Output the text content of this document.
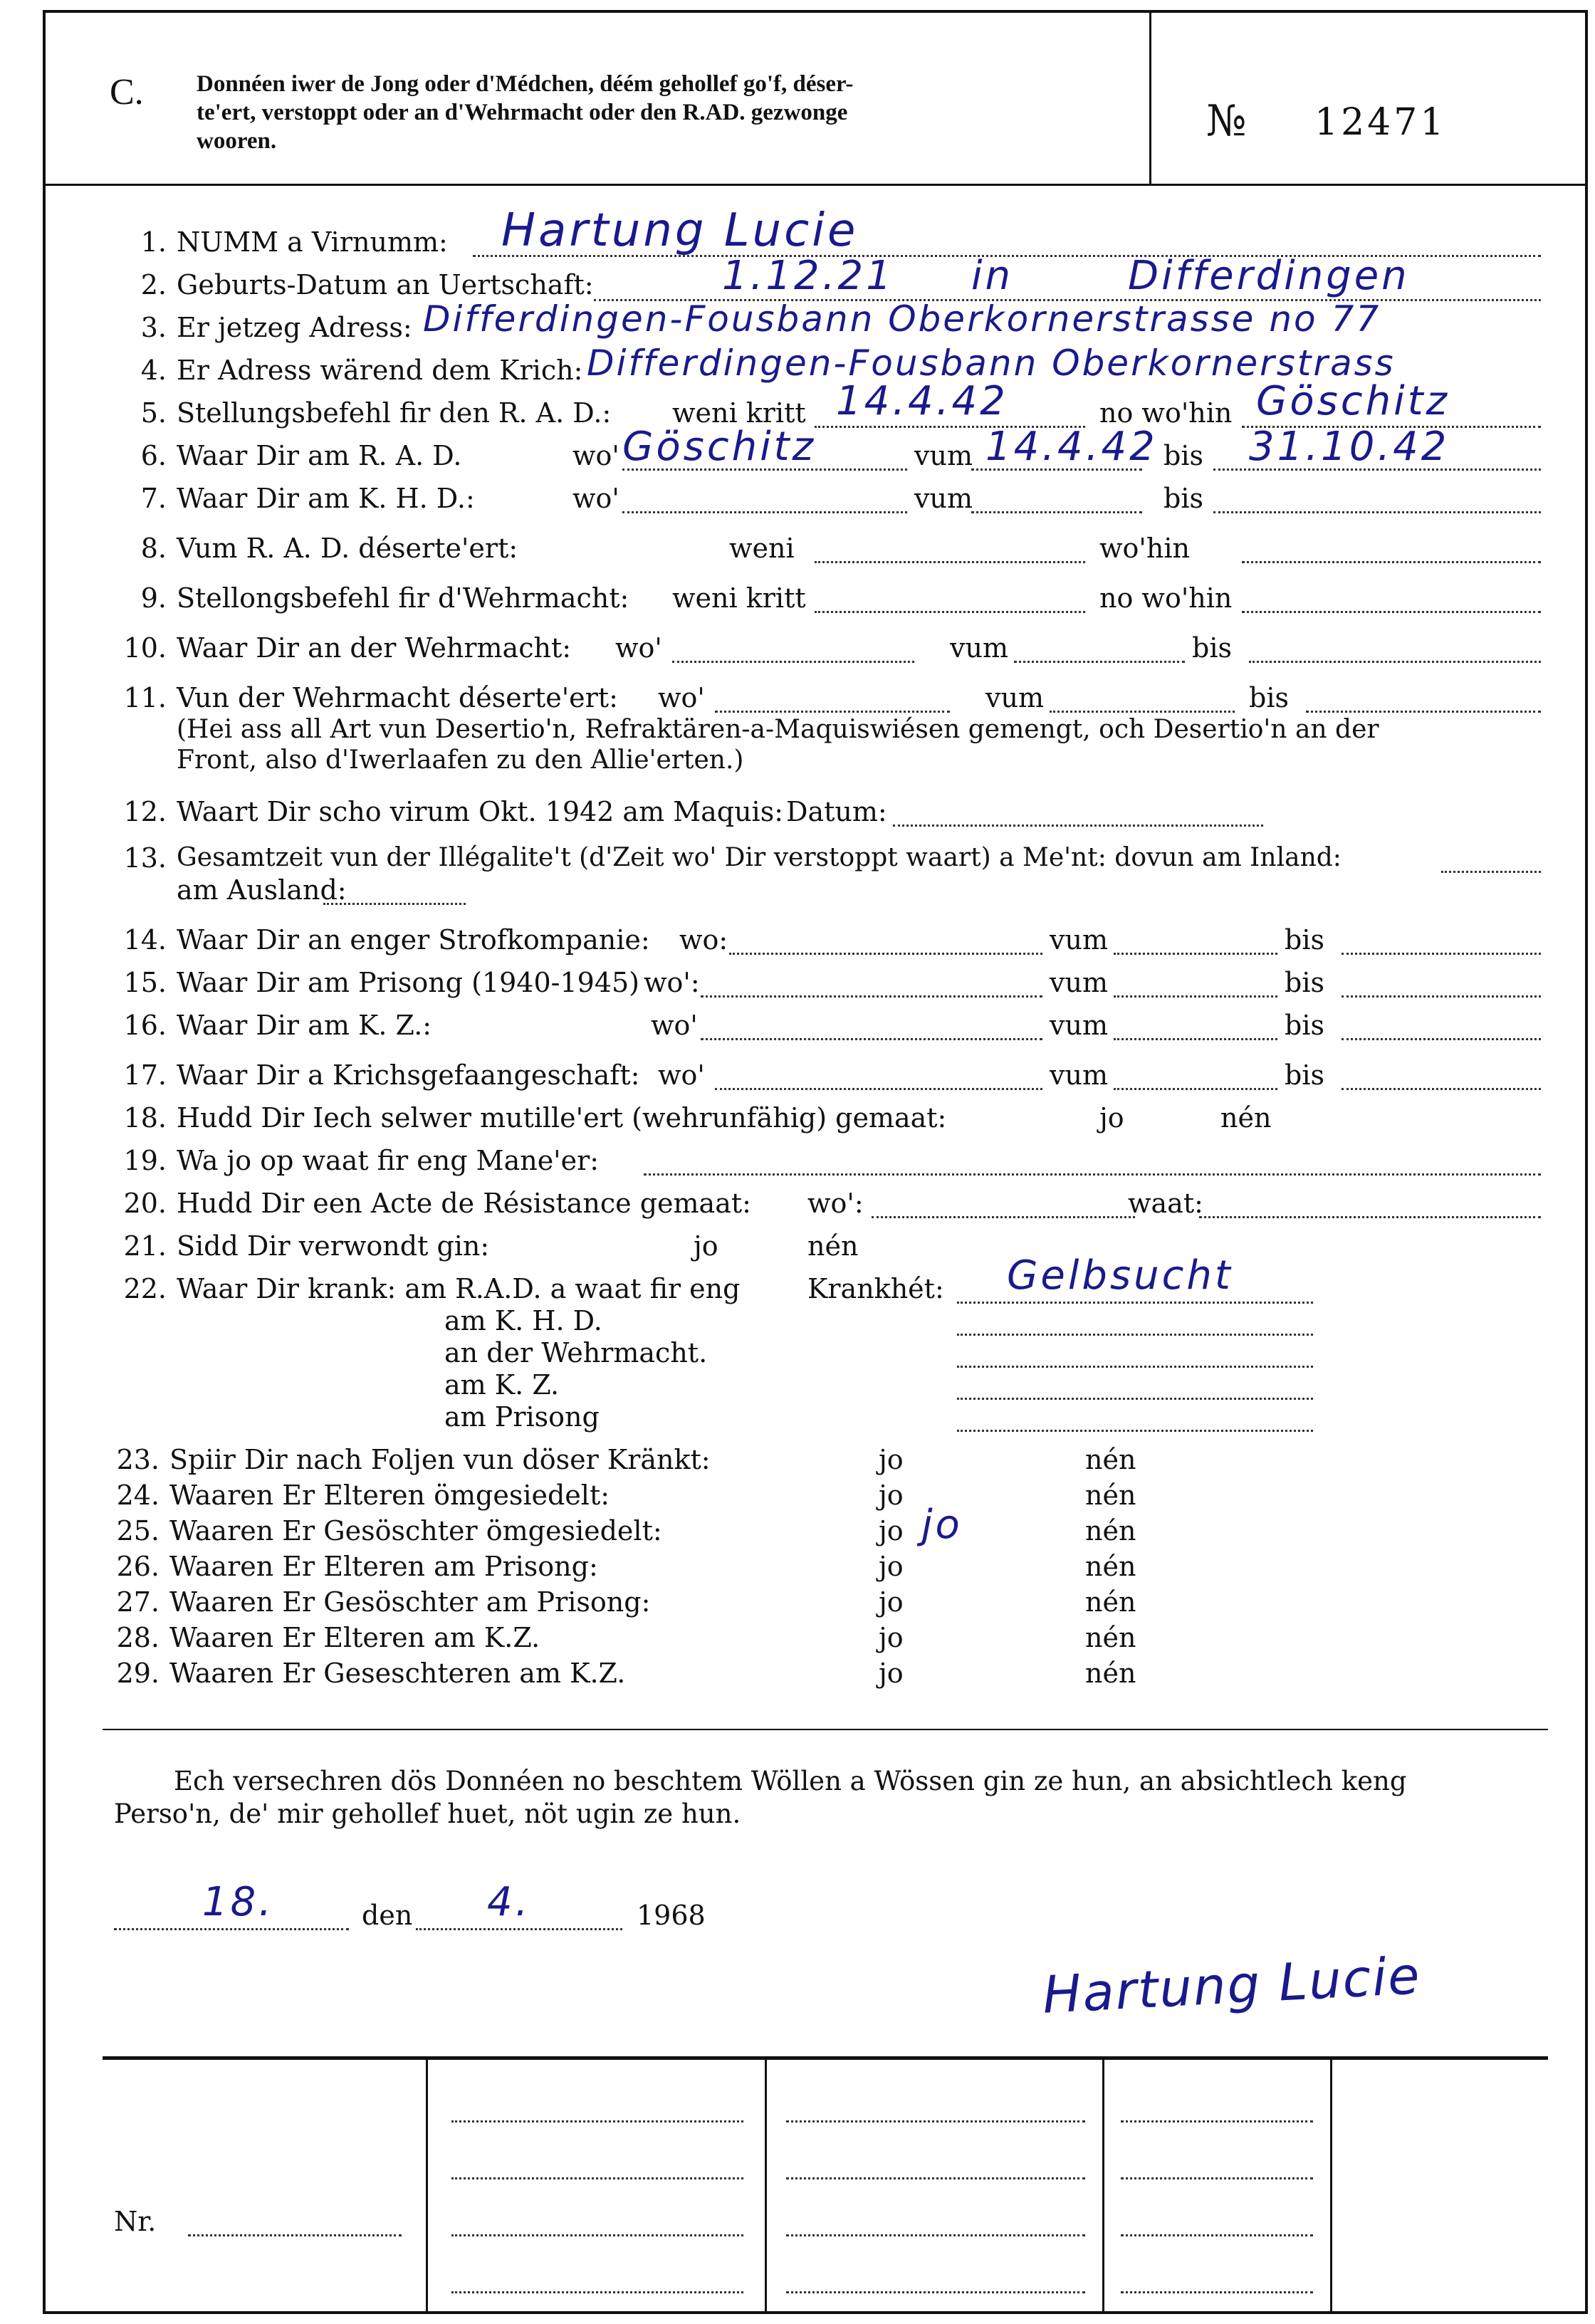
C. Donnéen iwer de Jong oder d'Médchen, déém gehollef go'f, déser-
te'ert, verstoppt oder an d'Wehrmacht oder den R.AD. gezwonge
wooren.	№ 12471
1. NUMM a Virnumm: Hartung Lucie
2. Geburts-Datum an Uertschaft:	1.12.21 in	Differdingen
3. Er jetzeg Adress: Differdingen-Fousbann Oberkornerstrasse no 77
4. Er Adress wärend dem Krich: Differdingen-Fousbann Oberkornerstrass
5. Stellungsbefehl fir den R. A. D.: weni kritt 14.4.42	no wo'hin Göschitz
6. Waar Dir am R. A. D.	wo' Göschitz	vum 14.4.42 bis 31.10.42
7. Waar Dir am K. H. D.:	wo'	vum	bis
8. Vum R. A. D. déserte'ert:	weni	wo'hin
9. Stellongsbefehl fir d'Wehrmacht: weni kritt	no wo'hin
10. Waar Dir an der Wehrmacht: wo'	vum	bis
11. Vun der Wehrmacht déserte'ert: wo'	vum	bis
(Hei ass all Art vun Desertio'n, Refraktären-a-Maquiswiésen gemengt, och Desertio'n an der
Front, also d'Iwerlaafen zu den Allie'erten.)
12. Waart Dir scho virum Okt. 1942 am Maquis: Datum:
13. Gesamtzeit vun der Illégalite't (d'Zeit wo' Dir verstoppt waart) a Me'nt: dovun am Inland:
am Ausland:
14. Waar Dir an enger Strofkompanie: wo:	vum	bis
15. Waar Dir am Prisong (1940-1945) wo':	vum	bis
16. Waar Dir am K. Z.:	wo'	vum	bis
17. Waar Dir a Krichsgefaangeschaft: wo'	vum	bis
18. Hudd Dir Iech selwer mutille'ert (wehrunfähig) gemaat:	jo	nén
19. Wa jo op waat fir eng Mane'er:
20. Hudd Dir een Acte de Résistance gemaat: wo':	waat:
21. Sidd Dir verwondt gin:	jo	nén
22. Waar Dir krank: am R.A.D. a waat fir eng Krankhét: Gelbsucht
am K. H. D.
an der Wehrmacht.
am K. Z.
am Prisong
23. Spiir Dir nach Foljen vun döser Kränkt:	jo	nén
24. Waaren Er Elteren ömgesiedelt:	jo	nén
25. Waaren Er Gesöschter ömgesiedelt:	jo jo	nén
26. Waaren Er Elteren am Prisong:	jo	nén
27. Waaren Er Gesöschter am Prisong:	jo	nén
28. Waaren Er Elteren am K.Z.	jo	nén
29. Waaren Er Geseschteren am K.Z.	jo	nén
Ech versechren dös Donnéen no beschtem Wöllen a Wössen gin ze hun, an absichtlech keng
Perso'n, de' mir gehollef huet, nöt ugin ze hun.
18.	den 4.	1968
Hartung Lucie
Nr.
